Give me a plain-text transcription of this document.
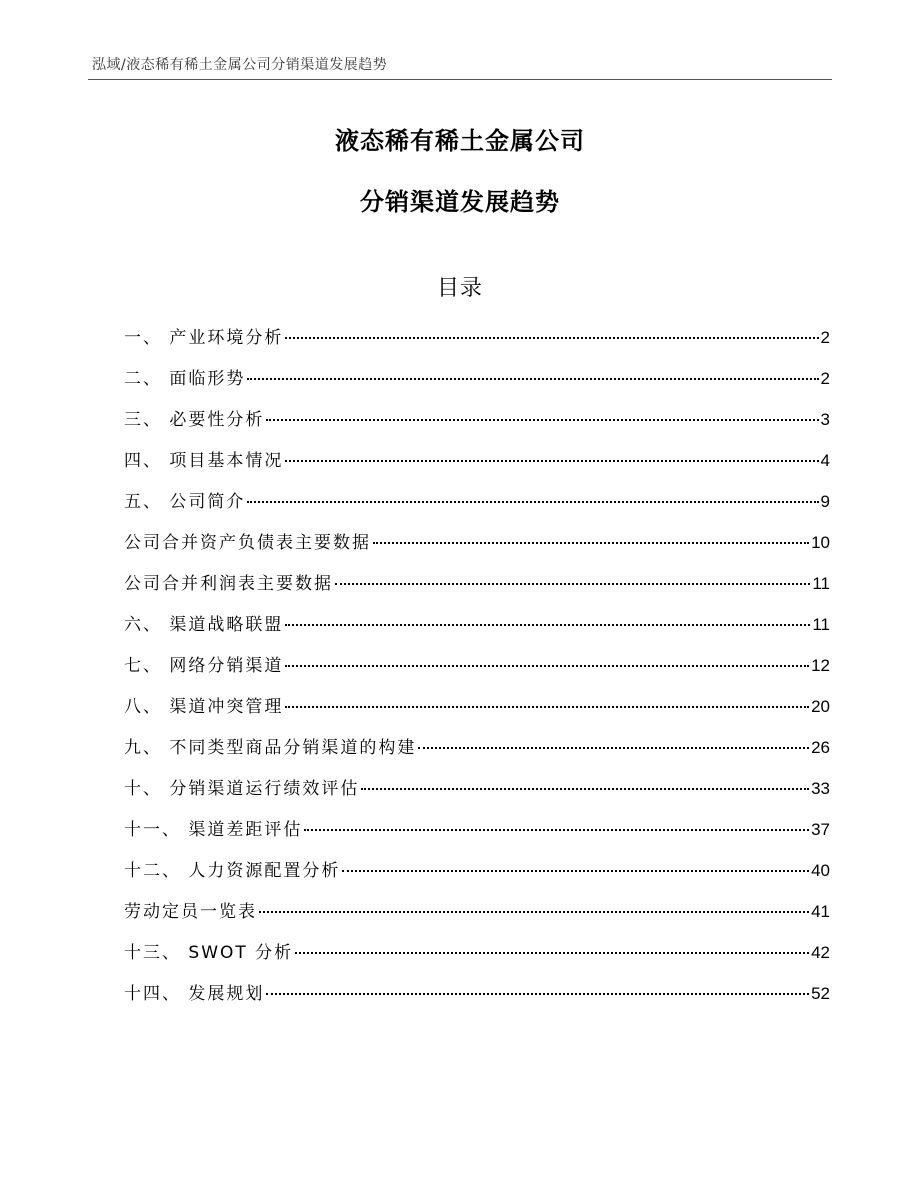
泓域/液态稀有稀土金属公司分销渠道发展趋势
液态稀有稀土金属公司
分销渠道发展趋势
目录
一、 产业环境分析	2
二、 面临形势	2
三、 必要性分析	3
四、 项目基本情况	4
五、 公司简介	9
公司合并资产负债表主要数据	10
公司合并利润表主要数据	11
六、 渠道战略联盟	11
七、 网络分销渠道	12
八、 渠道冲突管理	20
九、 不同类型商品分销渠道的构建	26
十、 分销渠道运行绩效评估	33
十一、 渠道差距评估	37
十二、 人力资源配置分析	40
劳动定员一览表	41
十三、 SWOT 分析	42
十四、 发展规划	52
